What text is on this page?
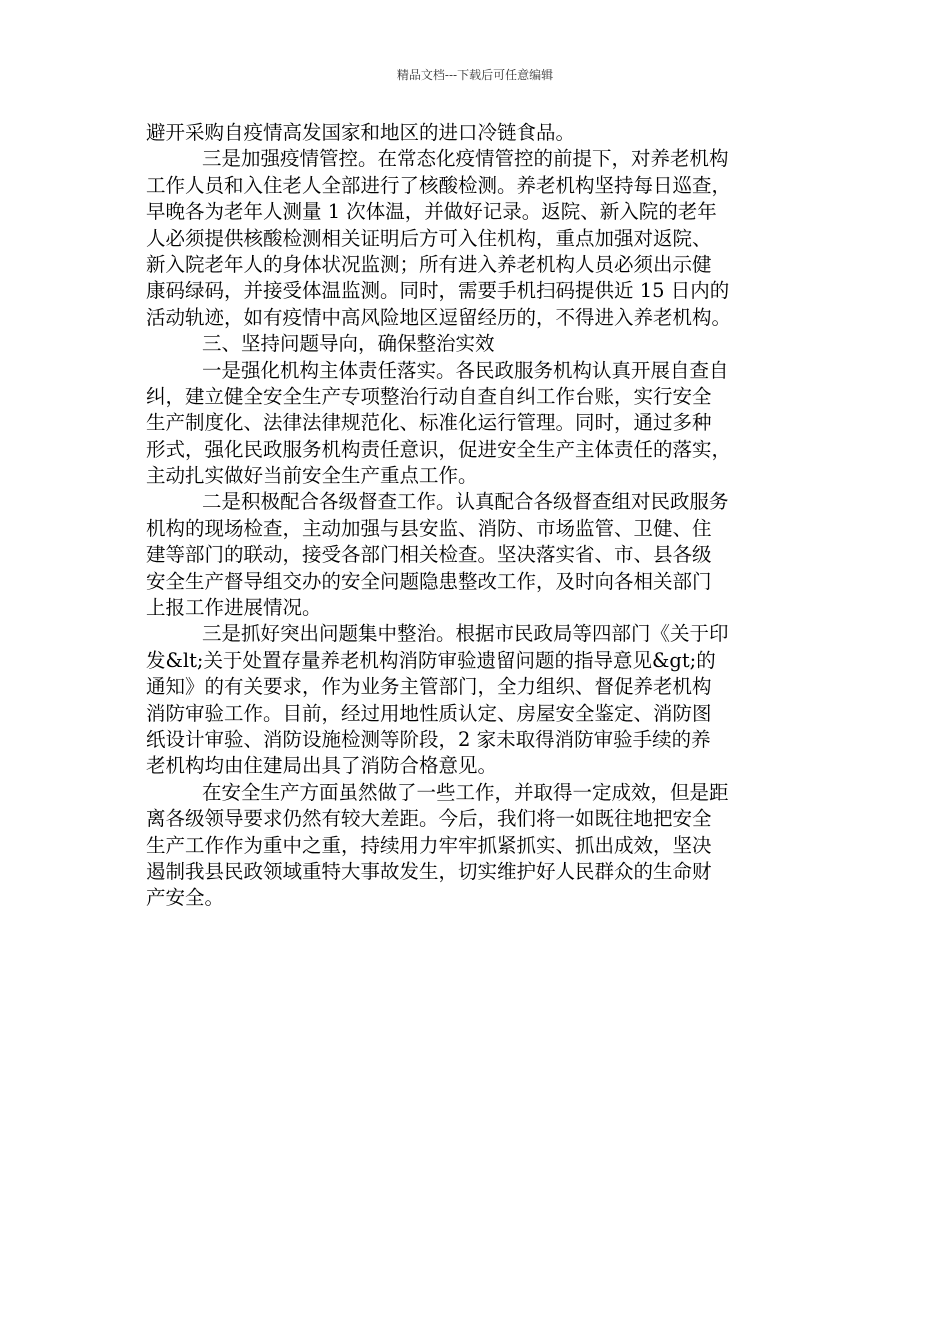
精品文档---下载后可任意编辑
避开采购自疫情高发国家和地区的进口冷链食品。
三是加强疫情管控。在常态化疫情管控的前提下，对养老机构
工作人员和入住老人全部进行了核酸检测。养老机构坚持每日巡查，
早晚各为老年人测量 1 次体温，并做好记录。返院、新入院的老年
人必须提供核酸检测相关证明后方可入住机构，重点加强对返院、
新入院老年人的身体状况监测；所有进入养老机构人员必须出示健
康码绿码，并接受体温监测。同时，需要手机扫码提供近 15 日内的
活动轨迹，如有疫情中高风险地区逗留经历的，不得进入养老机构。
三、坚持问题导向，确保整治实效
一是强化机构主体责任落实。各民政服务机构认真开展自查自
纠，建立健全安全生产专项整治行动自查自纠工作台账，实行安全
生产制度化、法律法律规范化、标准化运行管理。同时，通过多种
形式，强化民政服务机构责任意识，促进安全生产主体责任的落实，
主动扎实做好当前安全生产重点工作。
二是积极配合各级督查工作。认真配合各级督查组对民政服务
机构的现场检查，主动加强与县安监、消防、市场监管、卫健、住
建等部门的联动，接受各部门相关检查。坚决落实省、市、县各级
安全生产督导组交办的安全问题隐患整改工作，及时向各相关部门
上报工作进展情况。
三是抓好突出问题集中整治。根据市民政局等四部门《关于印
发&lt;关于处置存量养老机构消防审验遗留问题的指导意见&gt;的
通知》的有关要求，作为业务主管部门，全力组织、督促养老机构
消防审验工作。目前，经过用地性质认定、房屋安全鉴定、消防图
纸设计审验、消防设施检测等阶段，2 家未取得消防审验手续的养
老机构均由住建局出具了消防合格意见。
在安全生产方面虽然做了一些工作，并取得一定成效，但是距
离各级领导要求仍然有较大差距。今后，我们将一如既往地把安全
生产工作作为重中之重，持续用力牢牢抓紧抓实、抓出成效，坚决
遏制我县民政领域重特大事故发生，切实维护好人民群众的生命财
产安全。
